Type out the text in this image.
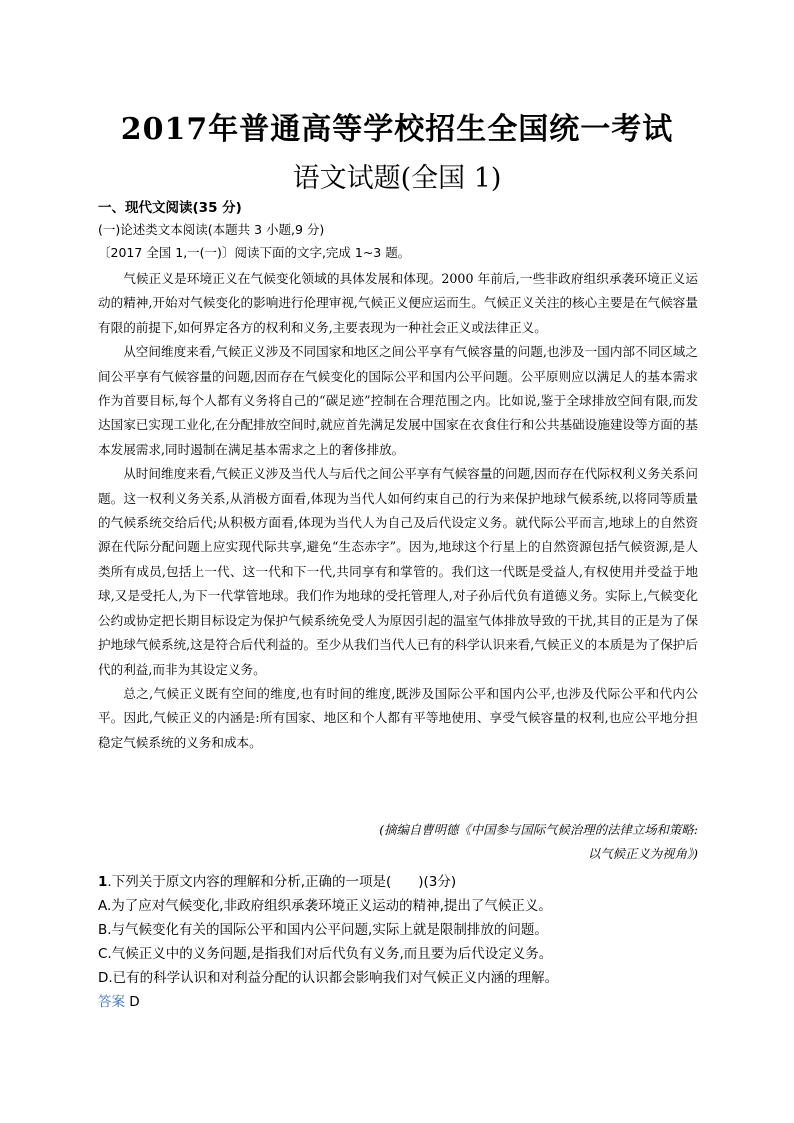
2017年普通高等学校招生全国统一考试
语文试题(全国 1)
一、现代文阅读(35 分)
(一)论述类文本阅读(本题共 3 小题,9 分)
〔2017 全国 1,一(一)〕阅读下面的文字,完成 1~3 题。

气候正义是环境正义在气候变化领域的具体发展和体现。2000 年前后,一些非政府组织承袭环境正义运动的精神,开始对气候变化的影响进行伦理审视,气候正义便应运而生。气候正义关注的核心主要是在气候容量有限的前提下,如何界定各方的权利和义务,主要表现为一种社会正义或法律正义。

从空间维度来看,气候正义涉及不同国家和地区之间公平享有气候容量的问题,也涉及一国内部不同区域之间公平享有气候容量的问题,因而存在气候变化的国际公平和国内公平问题。公平原则应以满足人的基本需求作为首要目标,每个人都有义务将自己的“碳足迹”控制在合理范围之内。比如说,鉴于全球排放空间有限,而发达国家已实现工业化,在分配排放空间时,就应首先满足发展中国家在衣食住行和公共基础设施建设等方面的基本发展需求,同时遏制在满足基本需求之上的奢侈排放。

从时间维度来看,气候正义涉及当代人与后代之间公平享有气候容量的问题,因而存在代际权利义务关系问题。这一权利义务关系,从消极方面看,体现为当代人如何约束自己的行为来保护地球气候系统,以将同等质量的气候系统交给后代;从积极方面看,体现为当代人为自己及后代设定义务。就代际公平而言,地球上的自然资源在代际分配问题上应实现代际共享,避免“生态赤字”。因为,地球这个行星上的自然资源包括气候资源,是人类所有成员,包括上一代、这一代和下一代,共同享有和掌管的。我们这一代既是受益人,有权使用并受益于地球,又是受托人,为下一代掌管地球。我们作为地球的受托管理人,对子孙后代负有道德义务。实际上,气候变化公约或协定把长期目标设定为保护气候系统免受人为原因引起的温室气体排放导致的干扰,其目的正是为了保护地球气候系统,这是符合后代利益的。至少从我们当代人已有的科学认识来看,气候正义的本质是为了保护后代的利益,而非为其设定义务。

总之,气候正义既有空间的维度,也有时间的维度,既涉及国际公平和国内公平,也涉及代际公平和代内公平。因此,气候正义的内涵是:所有国家、地区和个人都有平等地使用、享受气候容量的权利,也应公平地分担稳定气候系统的义务和成本。

(摘编自曹明德《中国参与国际气候治理的法律立场和策略:
以气候正义为视角》)
1.下列关于原文内容的理解和分析,正确的一项是(　　)(3分)
A.为了应对气候变化,非政府组织承袭环境正义运动的精神,提出了气候正义。
B.与气候变化有关的国际公平和国内公平问题,实际上就是限制排放的问题。
C.气候正义中的义务问题,是指我们对后代负有义务,而且要为后代设定义务。
D.已有的科学认识和对利益分配的认识都会影响我们对气候正义内涵的理解。
答案 D
